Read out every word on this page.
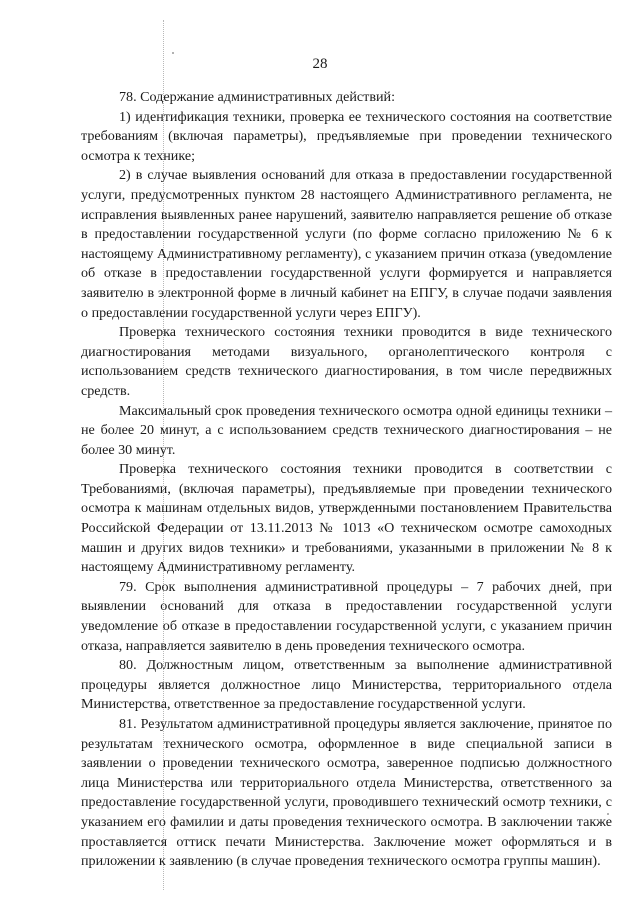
28

78. Содержание административных действий:

1) идентификация техники, проверка ее технического состояния на соответствие требованиям (включая параметры), предъявляемые при проведении технического осмотра к технике;

2) в случае выявления оснований для отказа в предоставлении государственной услуги, предусмотренных пунктом 28 настоящего Административного регламента, не исправления выявленных ранее нарушений, заявителю направляется решение об отказе в предоставлении государственной услуги (по форме согласно приложению № 6 к настоящему Административному регламенту), с указанием причин отказа (уведомление об отказе в предоставлении государственной услуги формируется и направляется заявителю в электронной форме в личный кабинет на ЕПГУ, в случае подачи заявления о предоставлении государственной услуги через ЕПГУ).

Проверка технического состояния техники проводится в виде технического диагностирования методами визуального, органолептического контроля с использованием средств технического диагностирования, в том числе передвижных средств.

Максимальный срок проведения технического осмотра одной единицы техники – не более 20 минут, а с использованием средств технического диагностирования – не более 30 минут.

Проверка технического состояния техники проводится в соответствии с Требованиями, (включая параметры), предъявляемые при проведении технического осмотра к машинам отдельных видов, утвержденными постановлением Правительства Российской Федерации от 13.11.2013 № 1013 «О техническом осмотре самоходных машин и других видов техники» и требованиями, указанными в приложении № 8 к настоящему Административному регламенту.

79. Срок выполнения административной процедуры – 7 рабочих дней, при выявлении оснований для отказа в предоставлении государственной услуги уведомление об отказе в предоставлении государственной услуги, с указанием причин отказа, направляется заявителю в день проведения технического осмотра.

80. Должностным лицом, ответственным за выполнение административной процедуры является должностное лицо Министерства, территориального отдела Министерства, ответственное за предоставление государственной услуги.

81. Результатом административной процедуры является заключение, принятое по результатам технического осмотра, оформленное в виде специальной записи в заявлении о проведении технического осмотра, заверенное подписью должностного лица Министерства или территориального отдела Министерства, ответственного за предоставление государственной услуги, проводившего технический осмотр техники, с указанием его фамилии и даты проведения технического осмотра. В заключении также проставляется оттиск печати Министерства. Заключение может оформляться и в приложении к заявлению (в случае проведения технического осмотра группы машин).
